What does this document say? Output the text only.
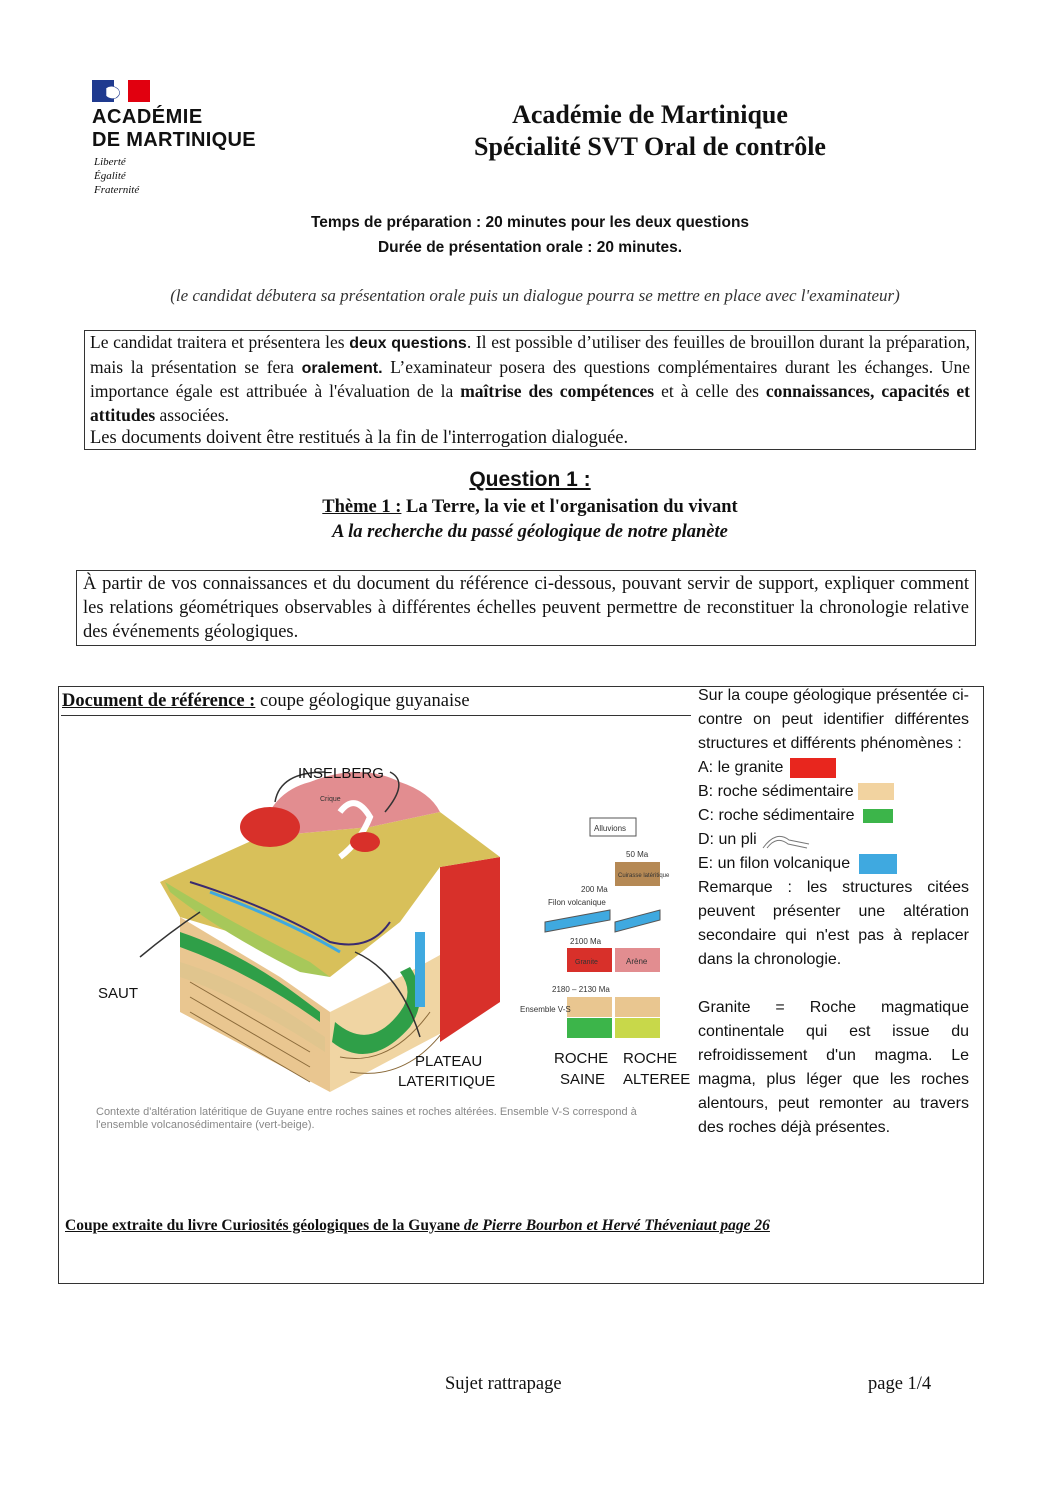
ACADÉMIE
DE MARTINIQUE
Liberté
Égalité
Fraternité
Académie de Martinique
Spécialité SVT Oral de contrôle
Temps de préparation : 20 minutes pour les deux questions
Durée de présentation orale : 20 minutes.
(le candidat débutera sa présentation orale puis un dialogue pourra se mettre en place avec l'examinateur)
Le candidat traitera et présentera les deux questions. Il est possible d’utiliser des feuilles de brouillon durant la préparation, mais la présentation se fera oralement. L’examinateur posera des questions complémentaires durant les échanges. Une importance égale est attribuée à l'évaluation de la maîtrise des compétences et à celle des connaissances, capacités et attitudes associées.
Les documents doivent être restitués à la fin de l'interrogation dialoguée.
Question 1 :
Thème 1 : La Terre, la vie et l'organisation du vivant
A la recherche du passé géologique de notre planète
À partir de vos connaissances et du document du référence ci-dessous, pouvant servir de support, expliquer comment les relations géométriques observables à différentes échelles peuvent permettre de reconstituer la chronologie relative des événements géologiques.
Document de référence : coupe géologique guyanaise
INSELBERG
Crique
SAUT
PLATEAU
LATERITIQUE
Alluvions
50 Ma
Cuirasse latéritique
200 Ma
Filon volcanique
2100 Ma
Granite	Arène
2180 – 2130 Ma
Ensemble V-S
ROCHE ROCHE
SAINE ALTEREE
Contexte d'altération latéritique de Guyane entre roches saines et roches altérées. Ensemble V-S correspond à l'ensemble volcanosédimentaire (vert-beige).
Sur la coupe géologique présentée ci-contre on peut identifier différentes structures et différents phénomènes :
A: le granite
B: roche sédimentaire
C: roche sédimentaire
D: un pli
E: un filon volcanique
Remarque : les structures citées peuvent présenter une altération secondaire qui n'est pas à replacer dans la chronologie.
Granite = Roche magmatique continentale qui est issue du refroidissement d'un magma. Le magma, plus léger que les roches alentours, peut remonter au travers des roches déjà présentes.
Coupe extraite du livre Curiosités géologiques de la Guyane de Pierre Bourbon et Hervé Théveniaut page 26
Sujet rattrapage	page 1/4
